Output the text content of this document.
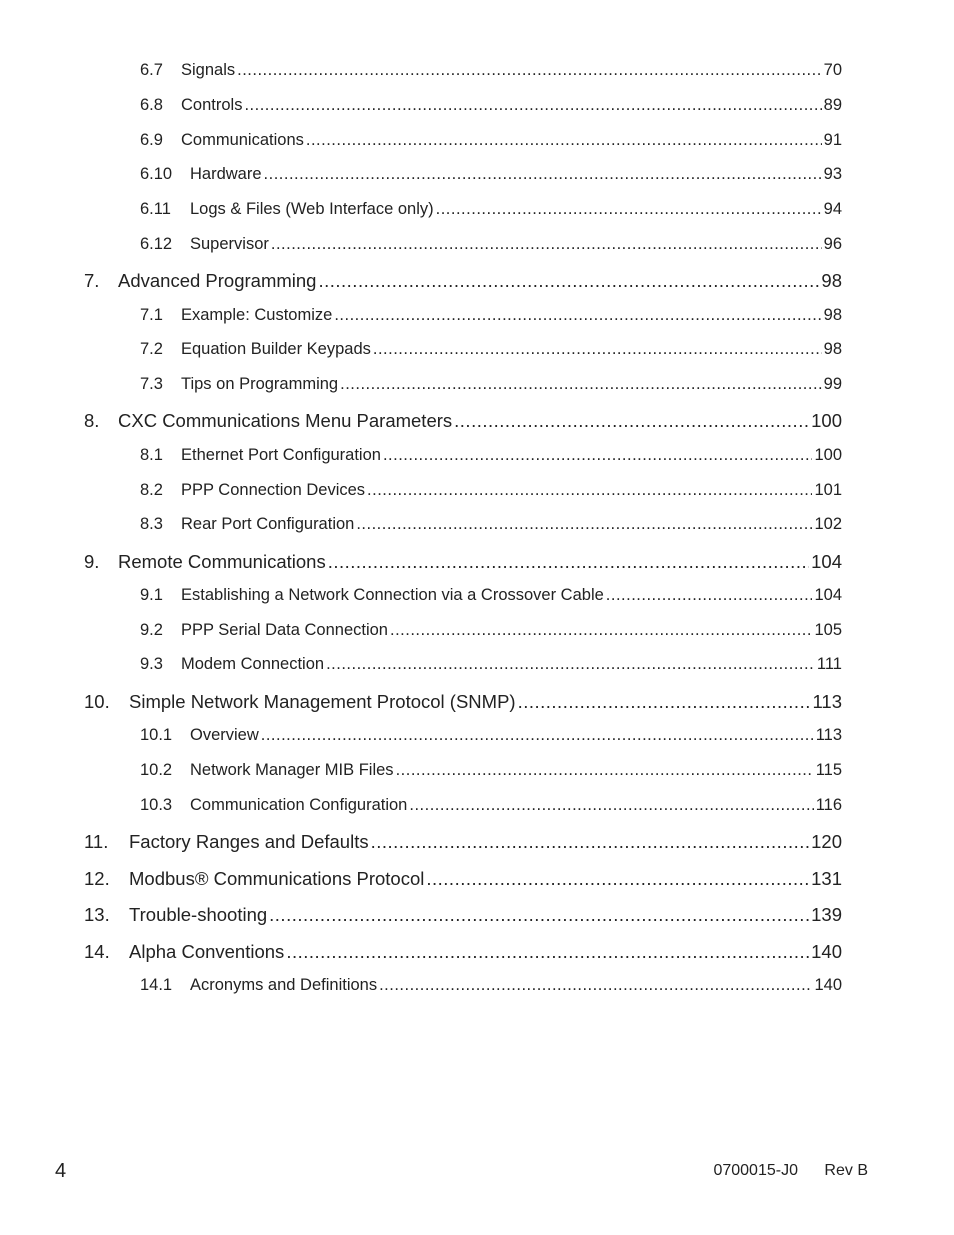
6.7	Signals .....	70
6.8	Controls .....	89
6.9	Communications .....	91
6.10	Hardware .....	93
6.11	Logs & Files (Web Interface only) .....	94
6.12	Supervisor .....	96
7.	Advanced Programming .....	98
7.1	Example: Customize .....	98
7.2	Equation Builder Keypads .....	98
7.3	Tips on Programming .....	99
8.	CXC Communications Menu Parameters .....	100
8.1	Ethernet Port Configuration .....	100
8.2	PPP Connection Devices .....	101
8.3	Rear Port Configuration .....	102
9.	Remote Communications .....	104
9.1	Establishing a Network Connection via a Crossover Cable .....	104
9.2	PPP Serial Data Connection .....	105
9.3	Modem Connection .....	111
10.	Simple Network Management Protocol (SNMP) .....	113
10.1	Overview .....	113
10.2	Network Manager MIB Files .....	115
10.3	Communication Configuration .....	116
11.	Factory Ranges and Defaults .....	120
12.	Modbus® Communications Protocol .....	131
13.	Trouble-shooting .....	139
14.	Alpha Conventions .....	140
14.1	Acronyms and Definitions .....	140
4	0700015-J0 Rev B
